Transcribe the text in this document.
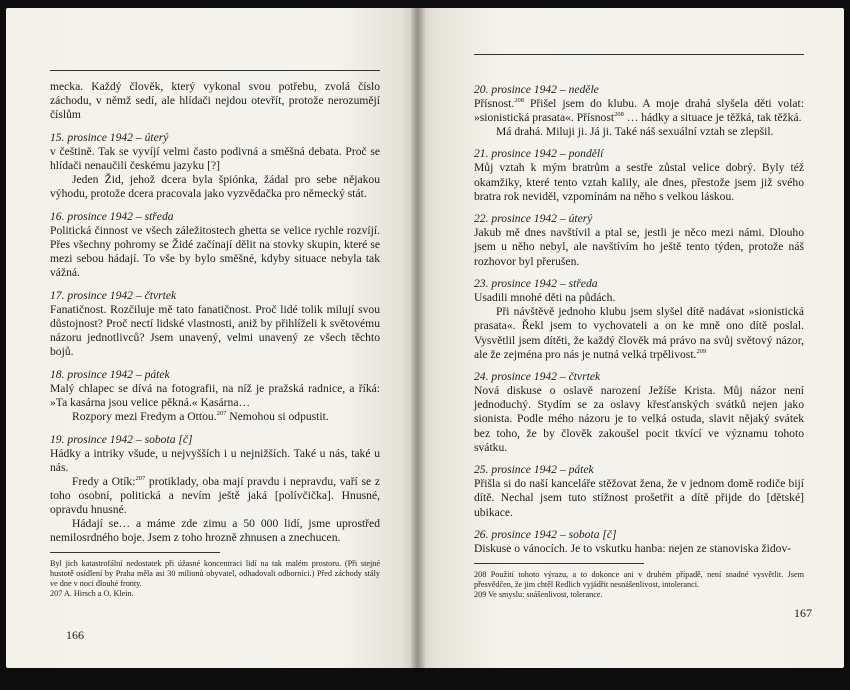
mecka. Každý člověk, který vykonal svou potřebu, zvolá číslo záchodu, v němž sedí, ale hlídači nejdou otevřít, protože nerozumějí číslům

15. prosince 1942 – úterý

v češtině. Tak se vyvíjí velmi často podivná a směšná debata. Proč se hlídači nenaučili českému jazyku [?]

Jeden Žid, jehož dcera byla špiónka, žádal pro sebe nějakou výhodu, protože dcera pracovala jako vyzvědačka pro německý stát.

16. prosince 1942 – středa

Politická činnost ve všech záležitostech ghetta se velice rychle rozvíjí. Přes všechny pohromy se Židé začínají dělit na stovky skupin, které se mezi sebou hádají. To vše by bylo směšné, kdyby situace nebyla tak vážná.

17. prosince 1942 – čtvrtek

Fanatičnost. Rozčiluje mě tato fanatičnost. Proč lidé tolik milují svou důstojnost? Proč nectí lidské vlastnosti, aniž by přihlíželi k světovému názoru jednotlivců? Jsem unavený, velmi unavený ze všech těchto bojů.

18. prosince 1942 – pátek

Malý chlapec se dívá na fotografii, na níž je pražská radnice, a říká: »Ta kasárna jsou velice pěkná.« Kasárna…

Rozpory mezi Fredym a Ottou.$^{207}$ Nemohou si odpustit.

19. prosince 1942 – sobota [č]

Hádky a intriky všude, u nejvyšších i u nejnižších. Také u nás, také u nás.

Fredy a Otík:$^{207}$ protiklady, oba mají pravdu i nepravdu, vaří se z toho osobní, politická a nevím ještě jaká [polívčička]. Hnusné, opravdu hnusné.

Hádají se… a máme zde zimu a 50 000 lidí, jsme uprostřed nemilosrdného boje. Jsem z toho hrozně zhnusen a znechucen.

Byl jich katastrofální nedostatek při úžasné koncentraci lidí na tak malém prostoru. (Při stejné hustotě osídlení by Praha měla asi 30 milionů obyvatel, odhadovali odborníci.) Před záchody stály ve dne v noci dlouhé fronty.

207 A. Hirsch a O. Klein.

166

20. prosince 1942 – neděle

Přísnost.$^{208}$ Přišel jsem do klubu. A moje drahá slyšela děti volat: »sionistická prasata«. Přísnost$^{208}$ … hádky a situace je těžká, tak těžká.

Má drahá. Miluji ji. Já ji. Také náš sexuální vztah se zlepšil.

21. prosince 1942 – pondělí

Můj vztah k mým bratrům a sestře zůstal velice dobrý. Byly též okamžiky, které tento vztah kalily, ale dnes, přestože jsem již svého bratra rok neviděl, vzpomínám na něho s velkou láskou.

22. prosince 1942 – úterý

Jakub mě dnes navštívil a ptal se, jestli je něco mezi námi. Dlouho jsem u něho nebyl, ale navštívím ho ještě tento týden, protože náš rozhovor byl přerušen.

23. prosince 1942 – středa

Usadili mnohé děti na půdách.

Při návštěvě jednoho klubu jsem slyšel dítě nadávat »sionistická prasata«. Řekl jsem to vychovateli a on ke mně ono dítě poslal. Vysvětlil jsem dítěti, že každý člověk má právo na svůj světový názor, ale že zejména pro nás je nutná velká trpělivost.$^{209}$

24. prosince 1942 – čtvrtek

Nová diskuse o oslavě narození Ježíše Krista. Můj názor není jednoduchý. Stydím se za oslavy křesťanských svátků nejen jako sionista. Podle mého názoru je to velká ostuda, slavit nějaký svátek bez toho, že by člověk zakoušel pocit tkvící ve významu tohoto svátku.

25. prosince 1942 – pátek

Přišla si do naší kanceláře stěžovat žena, že v jednom domě rodiče bijí dítě. Nechal jsem tuto stížnost prošetřit a dítě přijde do [dětské] ubikace.

26. prosince 1942 – sobota [č]

Diskuse o vánocích. Je to vskutku hanba: nejen ze stanoviska židov-

208 Použití tohoto výrazu, a to dokonce ani v druhém případě, není snadné vysvětlit. Jsem přesvědčen, že jim chtěl Redlich vyjádřit nesnášenlivost, intoleranci.

209 Ve smyslu: snášenlivost, tolerance.

167
